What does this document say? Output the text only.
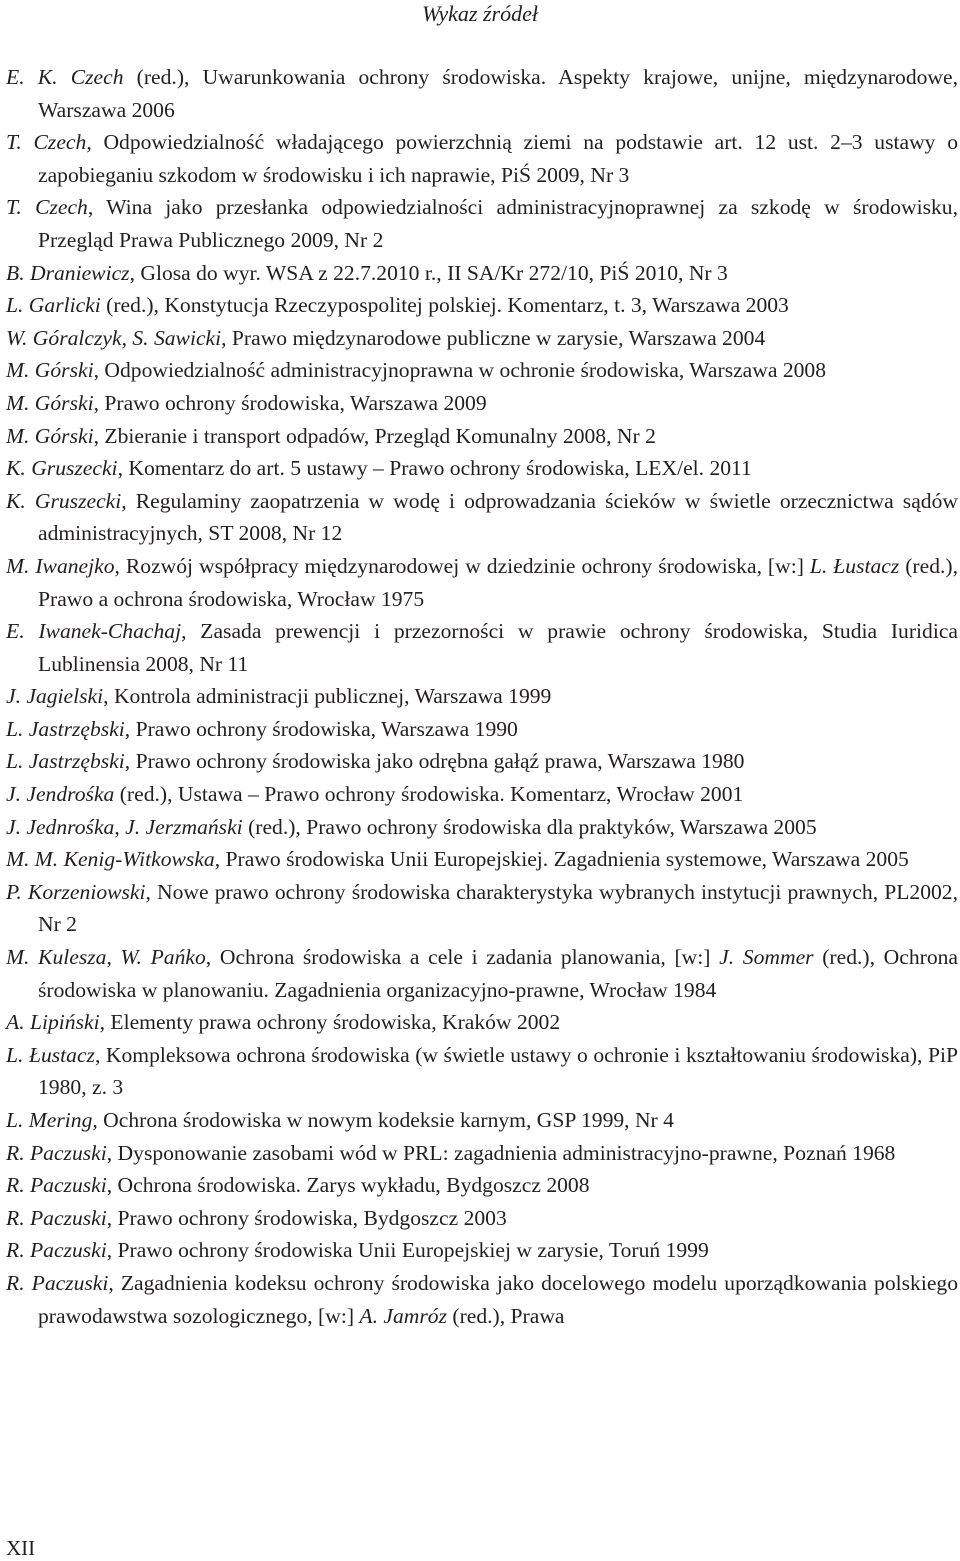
Wykaz źródeł
E. K. Czech (red.), Uwarunkowania ochrony środowiska. Aspekty krajowe, unijne, międzynarodowe, Warszawa 2006
T. Czech, Odpowiedzialność władającego powierzchnią ziemi na podstawie art. 12 ust. 2–3 ustawy o zapobieganiu szkodom w środowisku i ich naprawie, PiŚ 2009, Nr 3
T. Czech, Wina jako przesłanka odpowiedzialności administracyjnoprawnej za szkodę w środowisku, Przegląd Prawa Publicznego 2009, Nr 2
B. Draniewicz, Glosa do wyr. WSA z 22.7.2010 r., II SA/Kr 272/10, PiŚ 2010, Nr 3
L. Garlicki (red.), Konstytucja Rzeczypospolitej polskiej. Komentarz, t. 3, Warszawa 2003
W. Góralczyk, S. Sawicki, Prawo międzynarodowe publiczne w zarysie, Warszawa 2004
M. Górski, Odpowiedzialność administracyjnoprawna w ochronie środowiska, Warszawa 2008
M. Górski, Prawo ochrony środowiska, Warszawa 2009
M. Górski, Zbieranie i transport odpadów, Przegląd Komunalny 2008, Nr 2
K. Gruszecki, Komentarz do art. 5 ustawy – Prawo ochrony środowiska, LEX/el. 2011
K. Gruszecki, Regulaminy zaopatrzenia w wodę i odprowadzania ścieków w świetle orzecznictwa sądów administracyjnych, ST 2008, Nr 12
M. Iwanejko, Rozwój współpracy międzynarodowej w dziedzinie ochrony środowiska, [w:] L. Łustacz (red.), Prawo a ochrona środowiska, Wrocław 1975
E. Iwanek-Chachaj, Zasada prewencji i przezorności w prawie ochrony środowiska, Studia Iuridica Lublinensia 2008, Nr 11
J. Jagielski, Kontrola administracji publicznej, Warszawa 1999
L. Jastrzębski, Prawo ochrony środowiska, Warszawa 1990
L. Jastrzębski, Prawo ochrony środowiska jako odrębna gałąź prawa, Warszawa 1980
J. Jendrośka (red.), Ustawa – Prawo ochrony środowiska. Komentarz, Wrocław 2001
J. Jednrośka, J. Jerzmański (red.), Prawo ochrony środowiska dla praktyków, Warszawa 2005
M. M. Kenig-Witkowska, Prawo środowiska Unii Europejskiej. Zagadnienia systemowe, Warszawa 2005
P. Korzeniowski, Nowe prawo ochrony środowiska charakterystyka wybranych instytucji prawnych, PL2002, Nr 2
M. Kulesza, W. Pańko, Ochrona środowiska a cele i zadania planowania, [w:] J. Sommer (red.), Ochrona środowiska w planowaniu. Zagadnienia organizacyjno-prawne, Wrocław 1984
A. Lipiński, Elementy prawa ochrony środowiska, Kraków 2002
L. Łustacz, Kompleksowa ochrona środowiska (w świetle ustawy o ochronie i kształtowaniu środowiska), PiP 1980, z. 3
L. Mering, Ochrona środowiska w nowym kodeksie karnym, GSP 1999, Nr 4
R. Paczuski, Dysponowanie zasobami wód w PRL: zagadnienia administracyjno-prawne, Poznań 1968
R. Paczuski, Ochrona środowiska. Zarys wykładu, Bydgoszcz 2008
R. Paczuski, Prawo ochrony środowiska, Bydgoszcz 2003
R. Paczuski, Prawo ochrony środowiska Unii Europejskiej w zarysie, Toruń 1999
R. Paczuski, Zagadnienia kodeksu ochrony środowiska jako docelowego modelu uporządkowania polskiego prawodawstwa sozologicznego, [w:] A. Jamróz (red.), Prawa
XII
